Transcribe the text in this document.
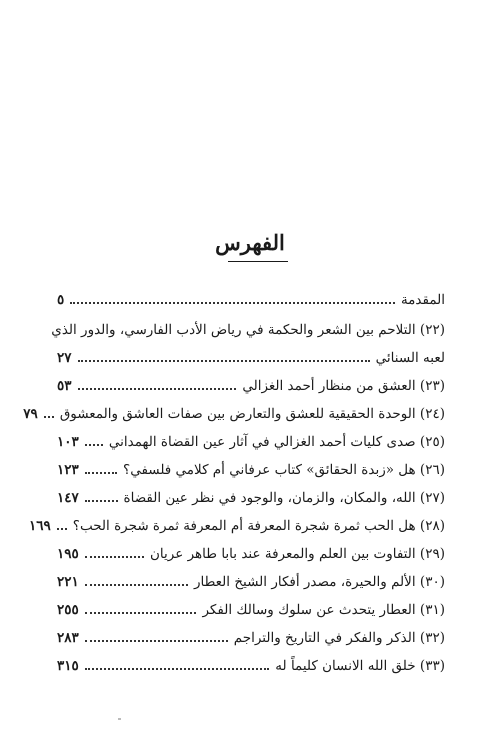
الفهرس
المقدمة
٥
(٢٢) التلاحم بين الشعر والحكمة في رياض الأدب الفارسي، والدور الذي
لعبه السنائي
٢٧
(٢٣) العشق من منظار أحمد الغزالي
٥٣
(٢٤) الوحدة الحقيقية للعشق والتعارض بين صفات العاشق والمعشوق
٧٩
(٢٥) صدى كليات أحمد الغزالي في آثار عين القضاة الهمداني
١٠٣
(٢٦) هل «زبدة الحقائق» كتاب عرفاني أم كلامي فلسفي؟
١٢٣
(٢٧) الله، والمكان، والزمان، والوجود في نظر عين القضاة
١٤٧
(٢٨) هل الحب ثمرة شجرة المعرفة أم المعرفة ثمرة شجرة الحب؟
١٦٩
(٢٩) التفاوت بين العلم والمعرفة عند بابا طاهر عريان
١٩٥
(٣٠) الألم والحيرة، مصدر أفكار الشيخ العطار
٢٢١
(٣١) العطار يتحدث عن سلوك وسالك الفكر
٢٥٥
(٣٢) الذكر والفكر في التاريخ والتراجم
٢٨٣
(٣٣) خلق الله الانسان كليماً له
٣١٥
